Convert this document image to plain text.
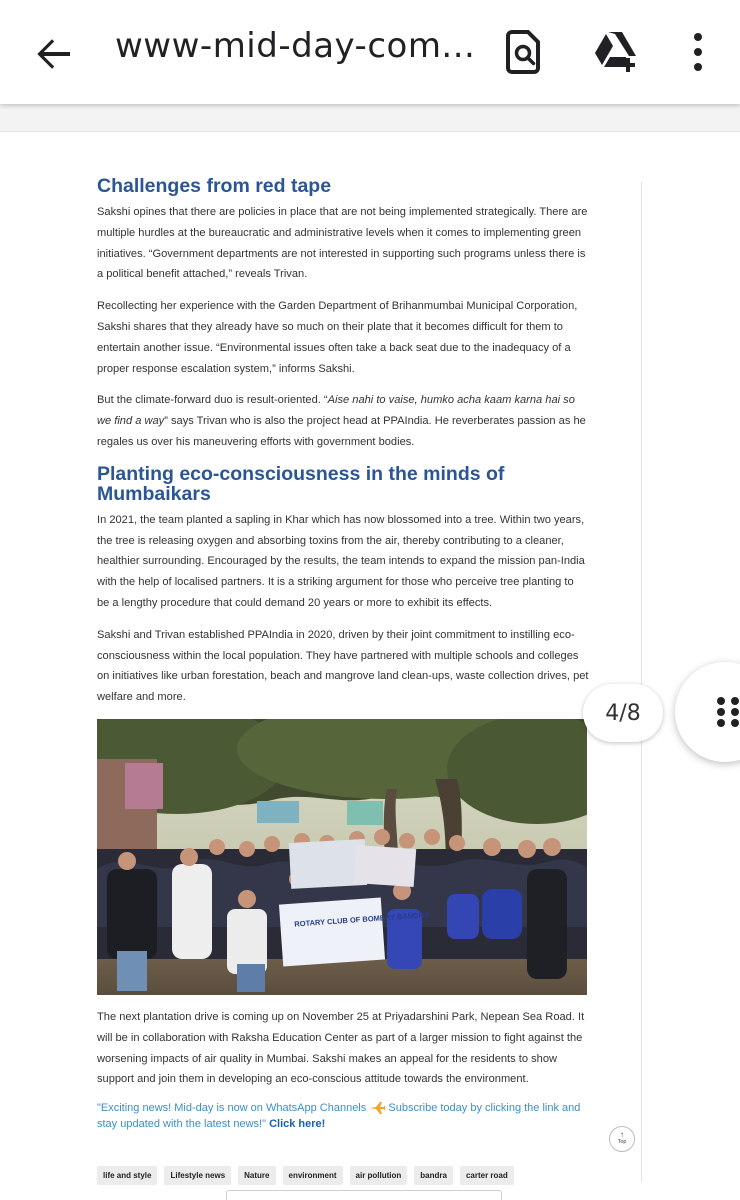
www-mid-day-com...
Challenges from red tape

Sakshi opines that there are policies in place that are not being implemented strategically. There are multiple hurdles at the bureaucratic and administrative levels when it comes to implementing green initiatives. “Government departments are not interested in supporting such programs unless there is a political benefit attached,” reveals Trivan.

Recollecting her experience with the Garden Department of Brihanmumbai Municipal Corporation, Sakshi shares that they already have so much on their plate that it becomes difficult for them to entertain another issue. “Environmental issues often take a back seat due to the inadequacy of a proper response escalation system,” informs Sakshi.

But the climate-forward duo is result-oriented. “Aise nahi to vaise, humko acha kaam karna hai so we find a way” says Trivan who is also the project head at PPAIndia. He reverberates passion as he regales us over his maneuvering efforts with government bodies.

Planting eco-consciousness in the minds of Mumbaikars

In 2021, the team planted a sapling in Khar which has now blossomed into a tree. Within two years, the tree is releasing oxygen and absorbing toxins from the air, thereby contributing to a cleaner, healthier surrounding. Encouraged by the results, the team intends to expand the mission pan-India with the help of localised partners. It is a striking argument for those who perceive tree planting to be a lengthy procedure that could demand 20 years or more to exhibit its effects.

Sakshi and Trivan established PPAIndia in 2020, driven by their joint commitment to instilling eco-consciousness within the local population. They have partnered with multiple schools and colleges on initiatives like urban forestation, beach and mangrove land clean-ups, waste collection drives, pet welfare and more.

ROTARY CLUB OF BOMBAY BANDRA

The next plantation drive is coming up on November 25 at Priyadarshini Park, Nepean Sea Road. It will be in collaboration with Raksha Education Center as part of a larger mission to fight against the worsening impacts of air quality in Mumbai. Sakshi makes an appeal for the residents to show support and join them in developing an eco-conscious attitude towards the environment.

"Exciting news! Mid-day is now on WhatsApp Channels  Subscribe today by clicking the link and stay updated with the latest news!" Click here!

life and style	Lifestyle news	Nature	environment	air pollution	bandra	carter road
↑
Top
4/8
